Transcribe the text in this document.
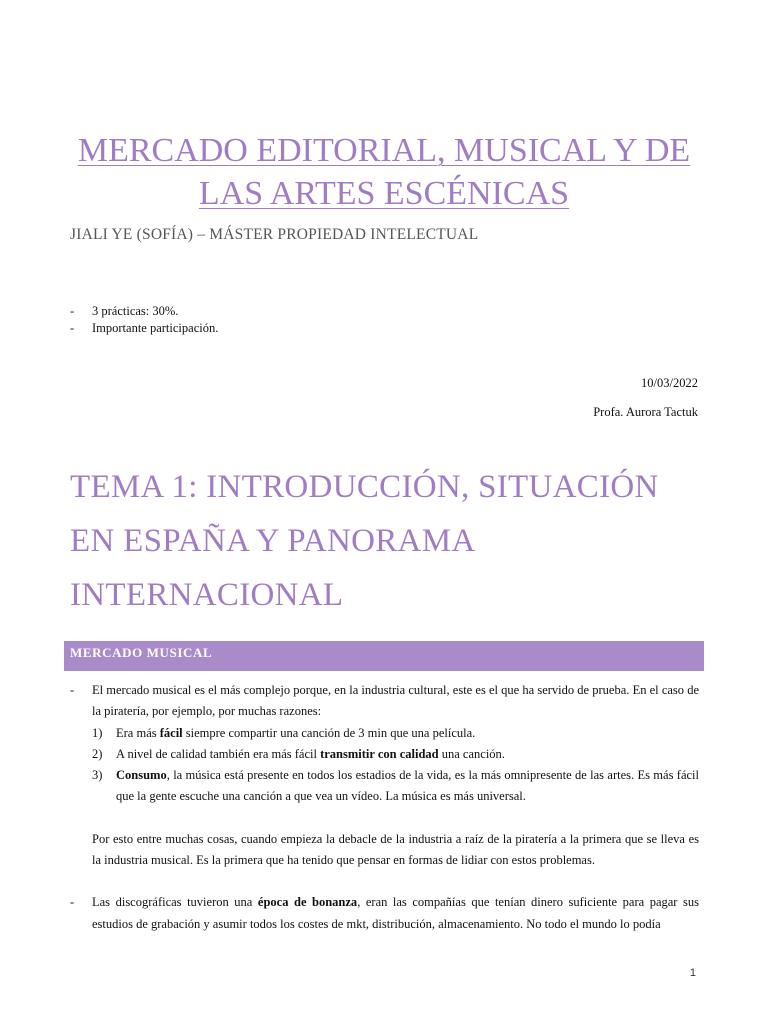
MERCADO EDITORIAL, MUSICAL Y DE
LAS ARTES ESCÉNICAS
JIALI YE (SOFÍA) – MÁSTER PROPIEDAD INTELECTUAL
-	3 prácticas: 30%.
-	Importante participación.
10/03/2022
Profa. Aurora Tactuk
TEMA 1: INTRODUCCIÓN, SITUACIÓN
EN ESPAÑA Y PANORAMA
INTERNACIONAL
MERCADO MUSICAL
-	El mercado musical es el más complejo porque, en la industria cultural, este es el que ha servido de prueba. En el caso de la piratería, por ejemplo, por muchas razones:
1)	Era más fácil siempre compartir una canción de 3 min que una película.
2)	A nivel de calidad también era más fácil transmitir con calidad una canción.
3)	Consumo, la música está presente en todos los estadios de la vida, es la más omnipresente de las artes. Es más fácil que la gente escuche una canción a que vea un vídeo. La música es más universal.
Por esto entre muchas cosas, cuando empieza la debacle de la industria a raíz de la piratería a la primera que se lleva es la industria musical. Es la primera que ha tenido que pensar en formas de lidiar con estos problemas.
-	Las discográficas tuvieron una época de bonanza, eran las compañías que tenían dinero suficiente para pagar sus estudios de grabación y asumir todos los costes de mkt, distribución, almacenamiento. No todo el mundo lo podía
1
